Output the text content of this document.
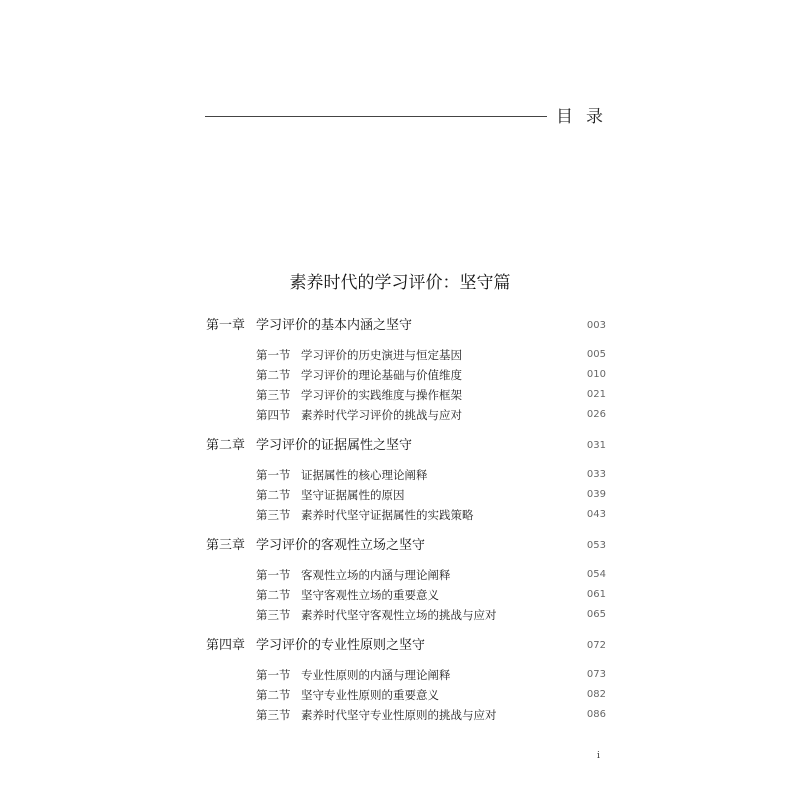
目录
素养时代的学习评价：坚守篇
第一章 学习评价的基本内涵之坚守	003
第一节 学习评价的历史演进与恒定基因	005
第二节 学习评价的理论基础与价值维度	010
第三节 学习评价的实践维度与操作框架	021
第四节 素养时代学习评价的挑战与应对	026
第二章 学习评价的证据属性之坚守	031
第一节 证据属性的核心理论阐释	033
第二节 坚守证据属性的原因	039
第三节 素养时代坚守证据属性的实践策略	043
第三章 学习评价的客观性立场之坚守	053
第一节 客观性立场的内涵与理论阐释	054
第二节 坚守客观性立场的重要意义	061
第三节 素养时代坚守客观性立场的挑战与应对	065
第四章 学习评价的专业性原则之坚守	072
第一节 专业性原则的内涵与理论阐释	073
第二节 坚守专业性原则的重要意义	082
第三节 素养时代坚守专业性原则的挑战与应对	086
i
